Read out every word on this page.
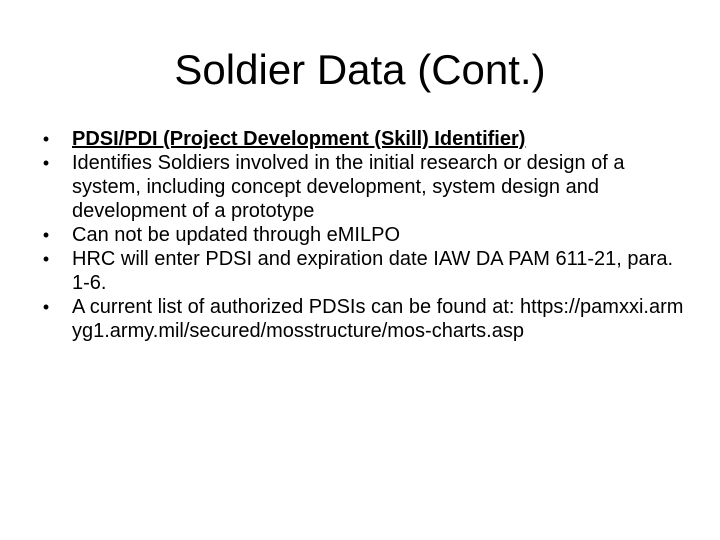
Soldier Data (Cont.)
•	PDSI/PDI (Project Development (Skill) Identifier)
•	Identifies Soldiers involved in the initial research or design of a system, including concept development, system design and development of a prototype
•	Can not be updated through eMILPO
•	HRC will enter PDSI and expiration date IAW DA PAM 611-21, para. 1-6.
•	A current list of authorized PDSIs can be found at: https://pamxxi.armyg1.army.mil/secured/mosstructure/mos-charts.asp
